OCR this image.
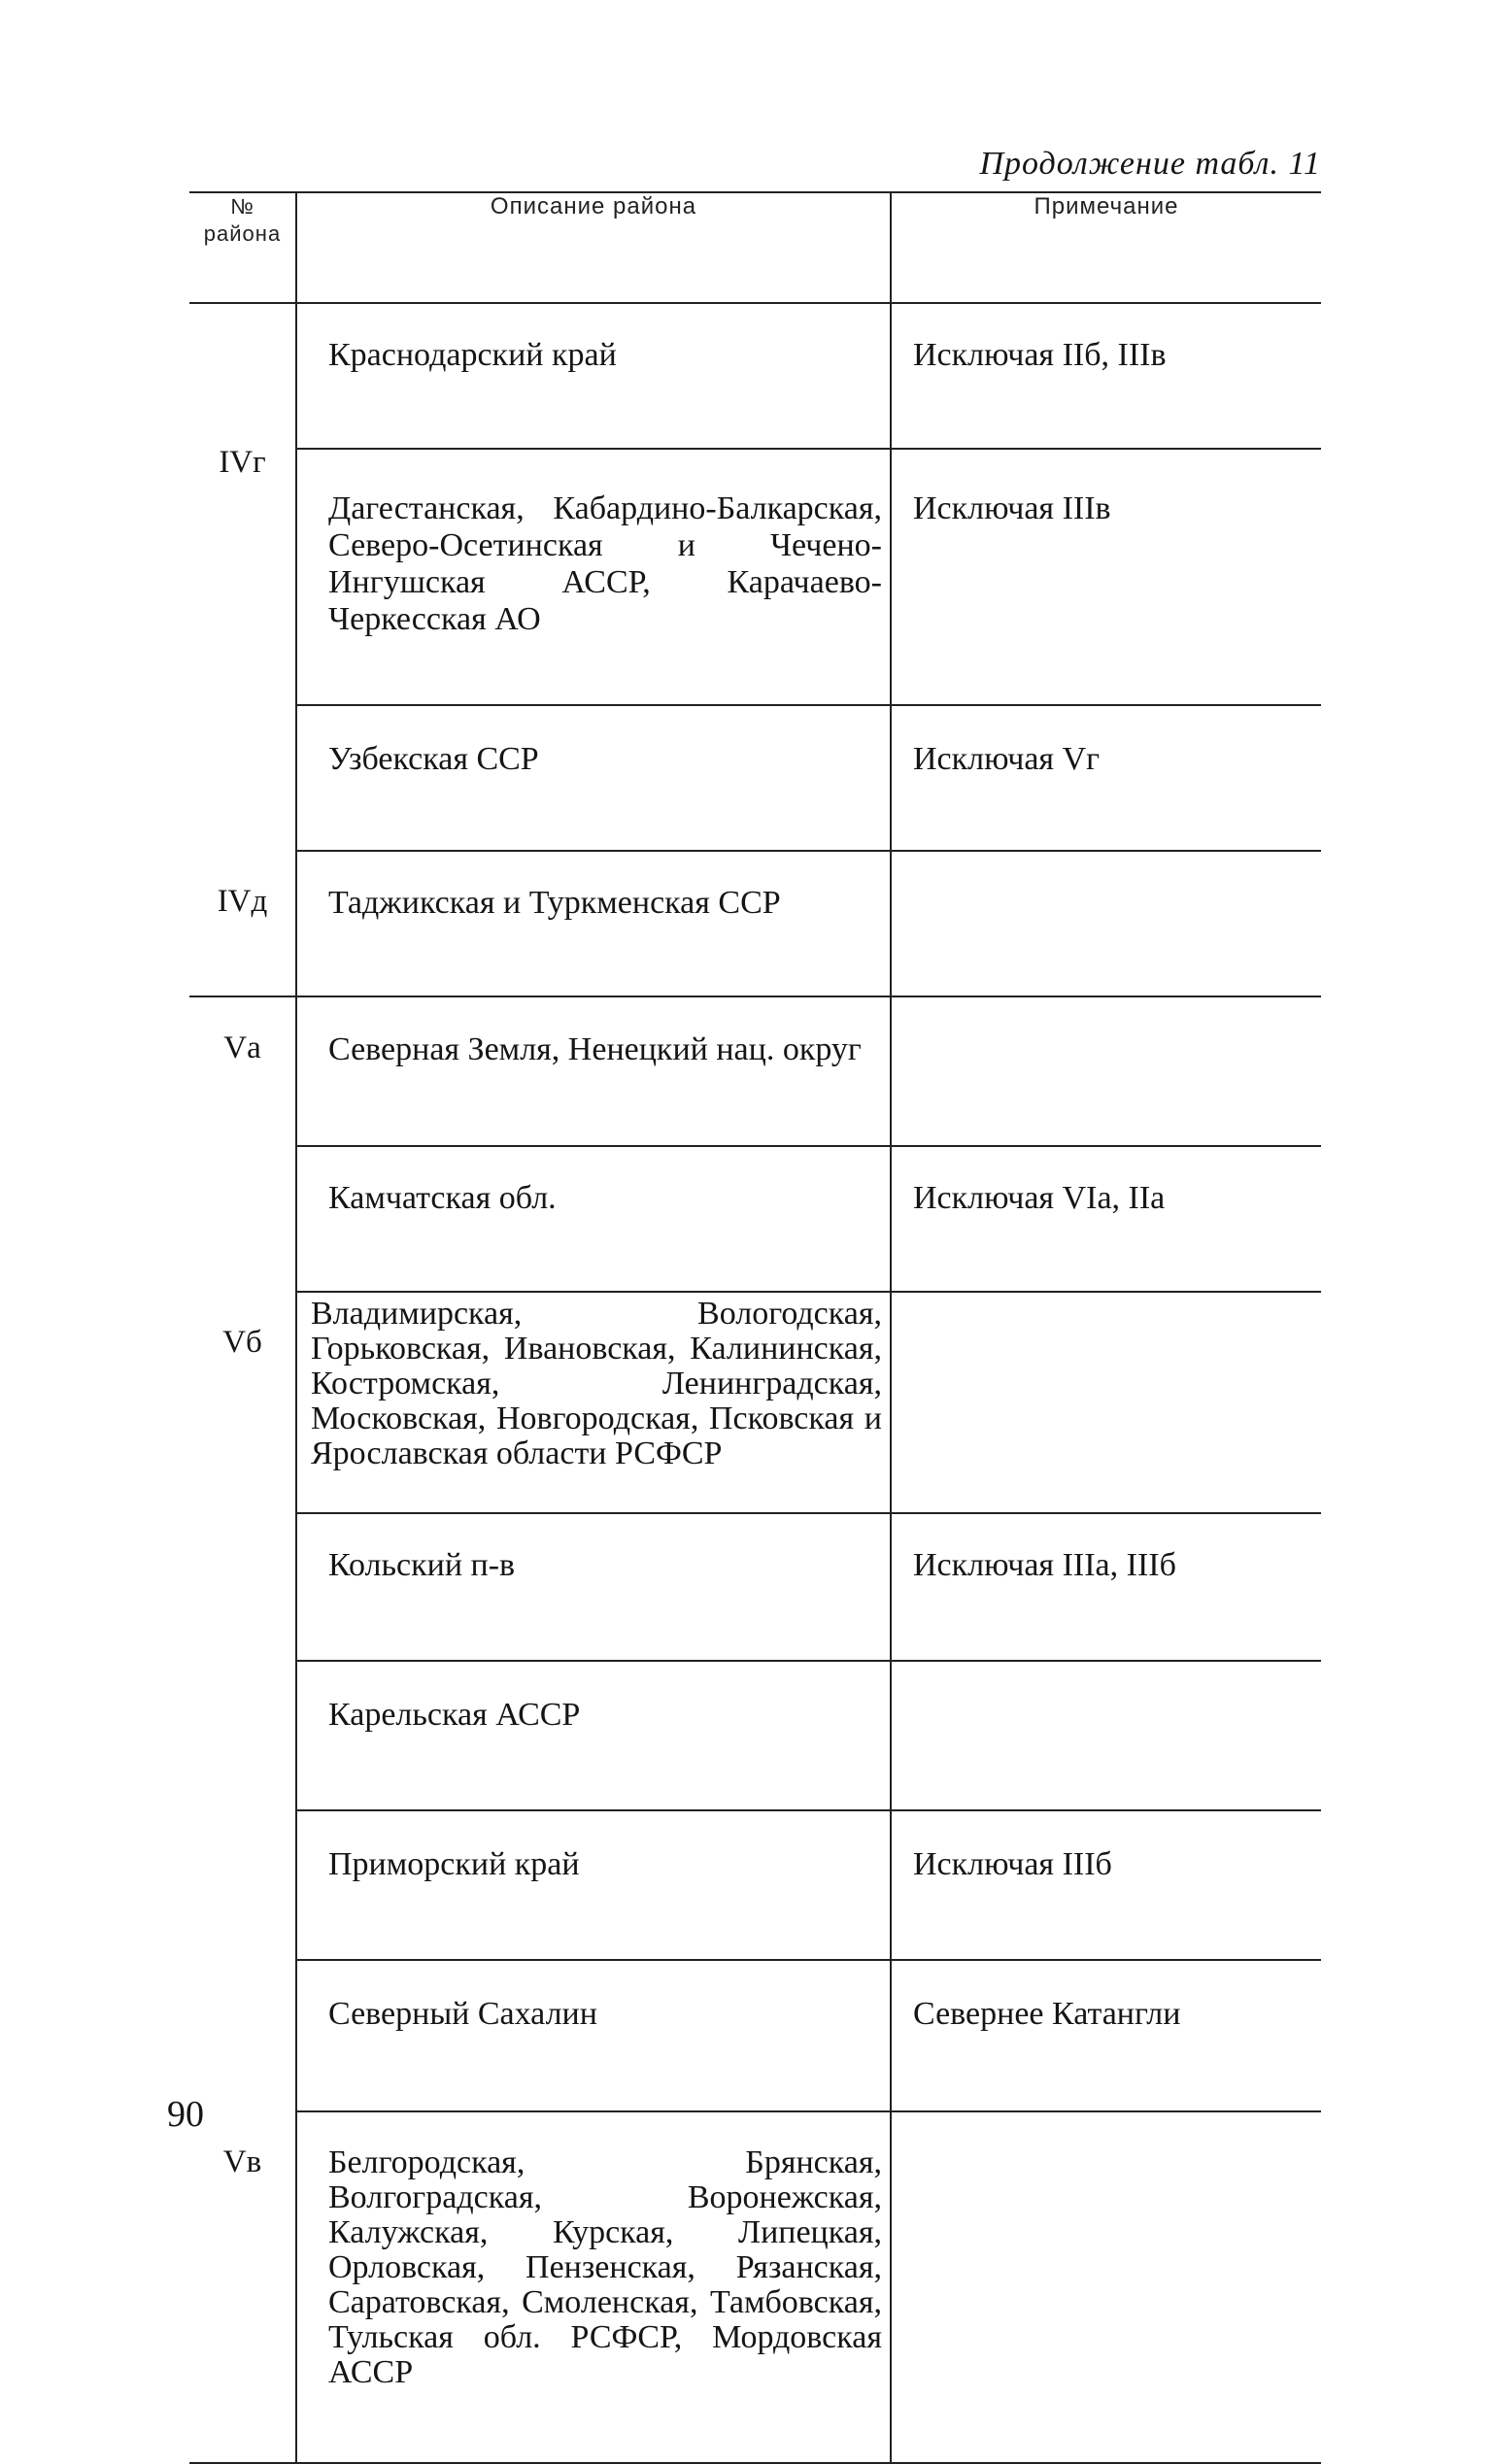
Продолжение табл. 11
№
района	Описание района	Примечание

IVг	Краснодарский край	Исключая IIб, IIIв
	Дагестанская, Кабардино-Балкарская, Северо-Осетинская и Чечено-Ингушская АССР, Карачаево-Черкесская АО	Исключая IIIв
	Узбекская ССР	Исключая Vг

IVд	Таджикская и Туркменская ССР	

Vа	Северная Земля, Ненецкий нац. округ	
	Камчатская обл.	Исключая VIа, IIа

Vб	Владимирская, Вологодская, Горьковская, Ивановская, Калининская, Костромская, Ленинградская, Московская, Новгородская, Псковская и Ярославская области РСФСР	
	Кольский п-в	Исключая IIIа, IIIб
	Карельская АССР	
	Приморский край	Исключая IIIб
	Северный Сахалин	Севернее Катангли

Vв	Белгородская, Брянская, Волгоградская, Воронежская, Калужская, Курская, Липецкая, Орловская, Пензенская, Рязанская, Саратовская, Смоленская, Тамбовская, Тульская обл. РСФСР, Мордовская АССР	
90
